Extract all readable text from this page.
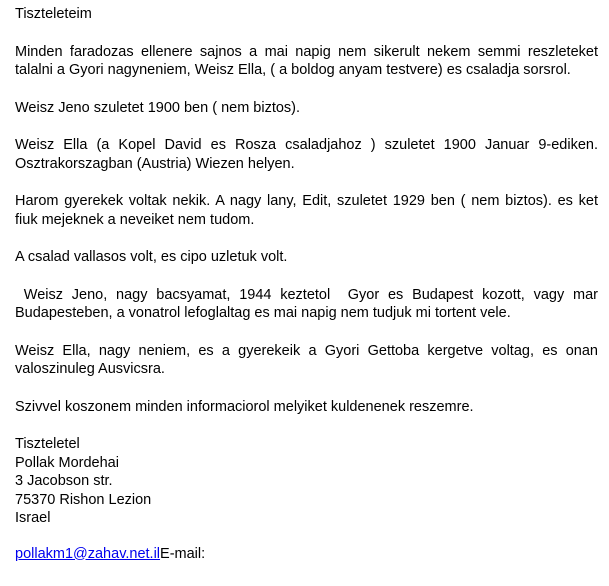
Tiszteleteim

Minden faradozas ellenere sajnos a mai napig nem sikerult nekem semmi reszleteket talalni a Gyori nagyneniem, Weisz Ella, ( a boldog anyam testvere) es csaladja sorsrol.

Weisz Jeno szuletet 1900 ben ( nem biztos).

Weisz Ella (a Kopel David es Rosza csaladjahoz ) szuletet 1900 Januar 9-ediken. Osztrakorszagban (Austria) Wiezen helyen.

Harom gyerekek voltak nekik. A nagy lany, Edit, szuletet 1929 ben ( nem biztos). es ket fiuk mejeknek a neveiket nem tudom.

A csalad vallasos volt, es cipo uzletuk volt.

Weisz Jeno, nagy bacsyamat, 1944 keztetol  Gyor es Budapest kozott, vagy mar Budapesteben, a vonatrol lefoglaltag es mai napig nem tudjuk mi tortent vele.

Weisz Ella, nagy neniem, es a gyerekeik a Gyori Gettoba kergetve voltag, es onan valoszinuleg Ausvicsra.

Szivvel koszonem minden informaciorol melyiket kuldenenek reszemre.

Tiszteletel
Pollak Mordehai
3 Jacobson str.
75370 Rishon Lezion
Israel
pollakm1@zahav.net.ilE-mail:
